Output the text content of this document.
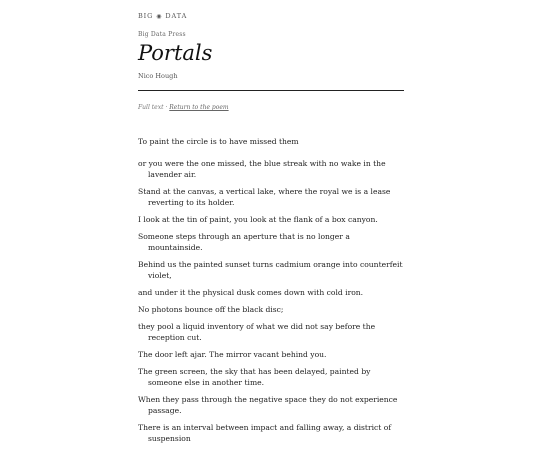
BIG ◉ DATA
Big Data Press
Portals
Nico Hough
Full text · Return to the poem

To paint the circle is to have missed them

or you were the one missed, the blue streak with no wake in the lavender air.

Stand at the canvas, a vertical lake, where the royal we is a lease reverting to its holder.

I look at the tin of paint, you look at the flank of a box canyon.

Someone steps through an aperture that is no longer a mountainside.

Behind us the painted sunset turns cadmium orange into counterfeit violet,

and under it the physical dusk comes down with cold iron.

No photons bounce off the black disc;

they pool a liquid inventory of what we did not say before the reception cut.

The door left ajar. The mirror vacant behind you.

The green screen, the sky that has been delayed, painted by someone else in another time.

When they pass through the negative space they do not experience passage.

There is an interval between impact and falling away, a district of suspension
